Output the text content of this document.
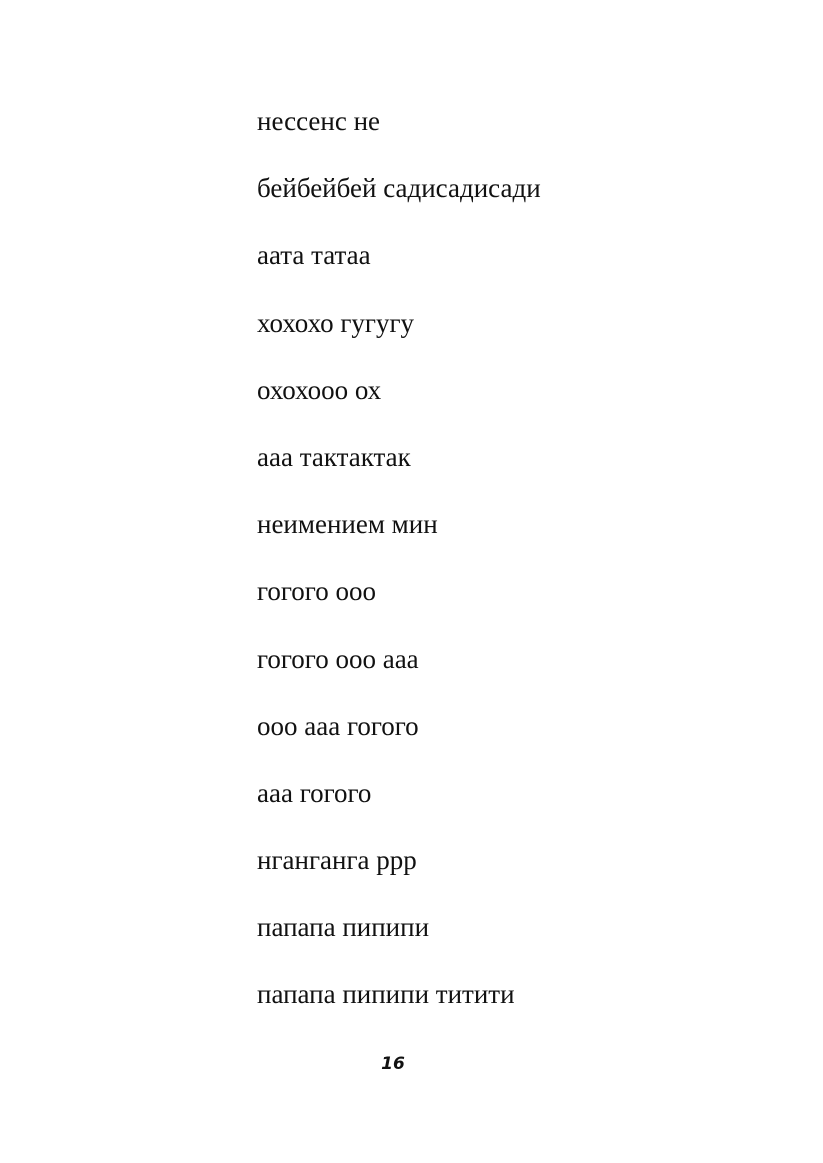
нессенс не
бейбейбей садисадисади
аата татаа
хохохо гугугу
охохооо ох
ааа тактактак
неимением мин
гогого ооо
гогого ооо ааа
ооо ааа гогого
ааа гогого
нганганга ррр
папапа пипипи
папапа пипипи титити
16
